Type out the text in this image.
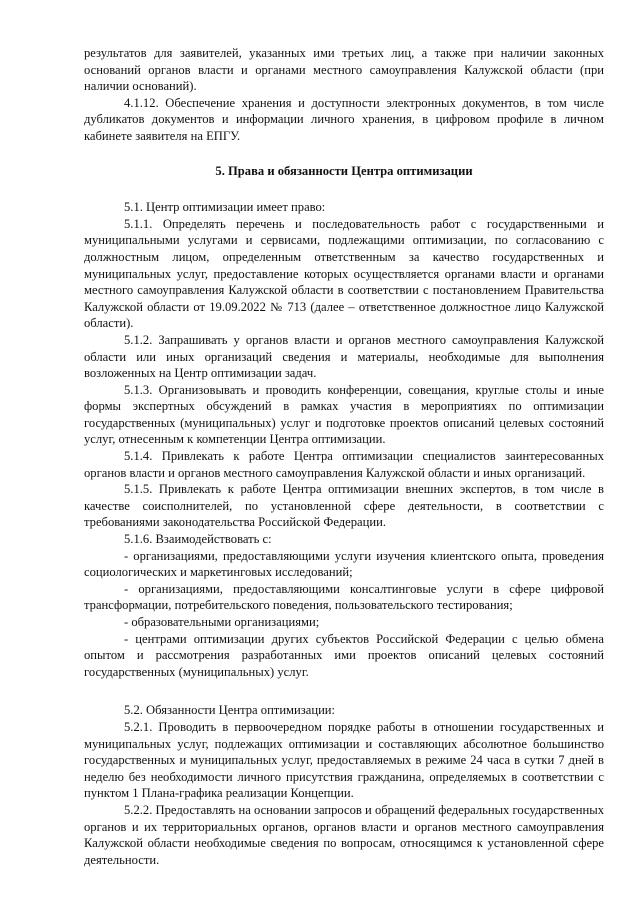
результатов для заявителей, указанных ими третьих лиц, а также при наличии законных оснований органов власти и органами местного самоуправления Калужской области (при наличии оснований).

4.1.12. Обеспечение хранения и доступности электронных документов, в том числе дубликатов документов и информации личного хранения, в цифровом профиле в личном кабинете заявителя на ЕПГУ.

5. Права и обязанности Центра оптимизации

5.1. Центр оптимизации имеет право:

5.1.1. Определять перечень и последовательность работ с государственными и муниципальными услугами и сервисами, подлежащими оптимизации, по согласованию с должностным лицом, определенным ответственным за качество государственных и муниципальных услуг, предоставление которых осуществляется органами власти и органами местного самоуправления Калужской области в соответствии с постановлением Правительства Калужской области от 19.09.2022 № 713 (далее – ответственное должностное лицо Калужской области).

5.1.2. Запрашивать у органов власти и органов местного самоуправления Калужской области или иных организаций сведения и материалы, необходимые для выполнения возложенных на Центр оптимизации задач.

5.1.3. Организовывать и проводить конференции, совещания, круглые столы и иные формы экспертных обсуждений в рамках участия в мероприятиях по оптимизации государственных (муниципальных) услуг и подготовке проектов описаний целевых состояний услуг, отнесенным к компетенции Центра оптимизации.

5.1.4. Привлекать к работе Центра оптимизации специалистов заинтересованных органов власти и органов местного самоуправления Калужской области и иных организаций.

5.1.5. Привлекать к работе Центра оптимизации внешних экспертов, в том числе в качестве соисполнителей, по установленной сфере деятельности, в соответствии с требованиями законодательства Российской Федерации.

5.1.6. Взаимодействовать с:

- организациями, предоставляющими услуги изучения клиентского опыта, проведения социологических и маркетинговых исследований;

- организациями, предоставляющими консалтинговые услуги в сфере цифровой трансформации, потребительского поведения, пользовательского тестирования;

- образовательными организациями;

- центрами оптимизации других субъектов Российской Федерации с целью обмена опытом и рассмотрения разработанных ими проектов описаний целевых состояний государственных (муниципальных) услуг.

5.2. Обязанности Центра оптимизации:

5.2.1. Проводить в первоочередном порядке работы в отношении государственных и муниципальных услуг, подлежащих оптимизации и составляющих абсолютное большинство государственных и муниципальных услуг, предоставляемых в режиме 24 часа в сутки 7 дней в неделю без необходимости личного присутствия гражданина, определяемых в соответствии с пунктом 1 Плана-графика реализации Концепции.

5.2.2. Предоставлять на основании запросов и обращений федеральных государственных органов и их территориальных органов, органов власти и органов местного самоуправления Калужской области необходимые сведения по вопросам, относящимся к установленной сфере деятельности.
